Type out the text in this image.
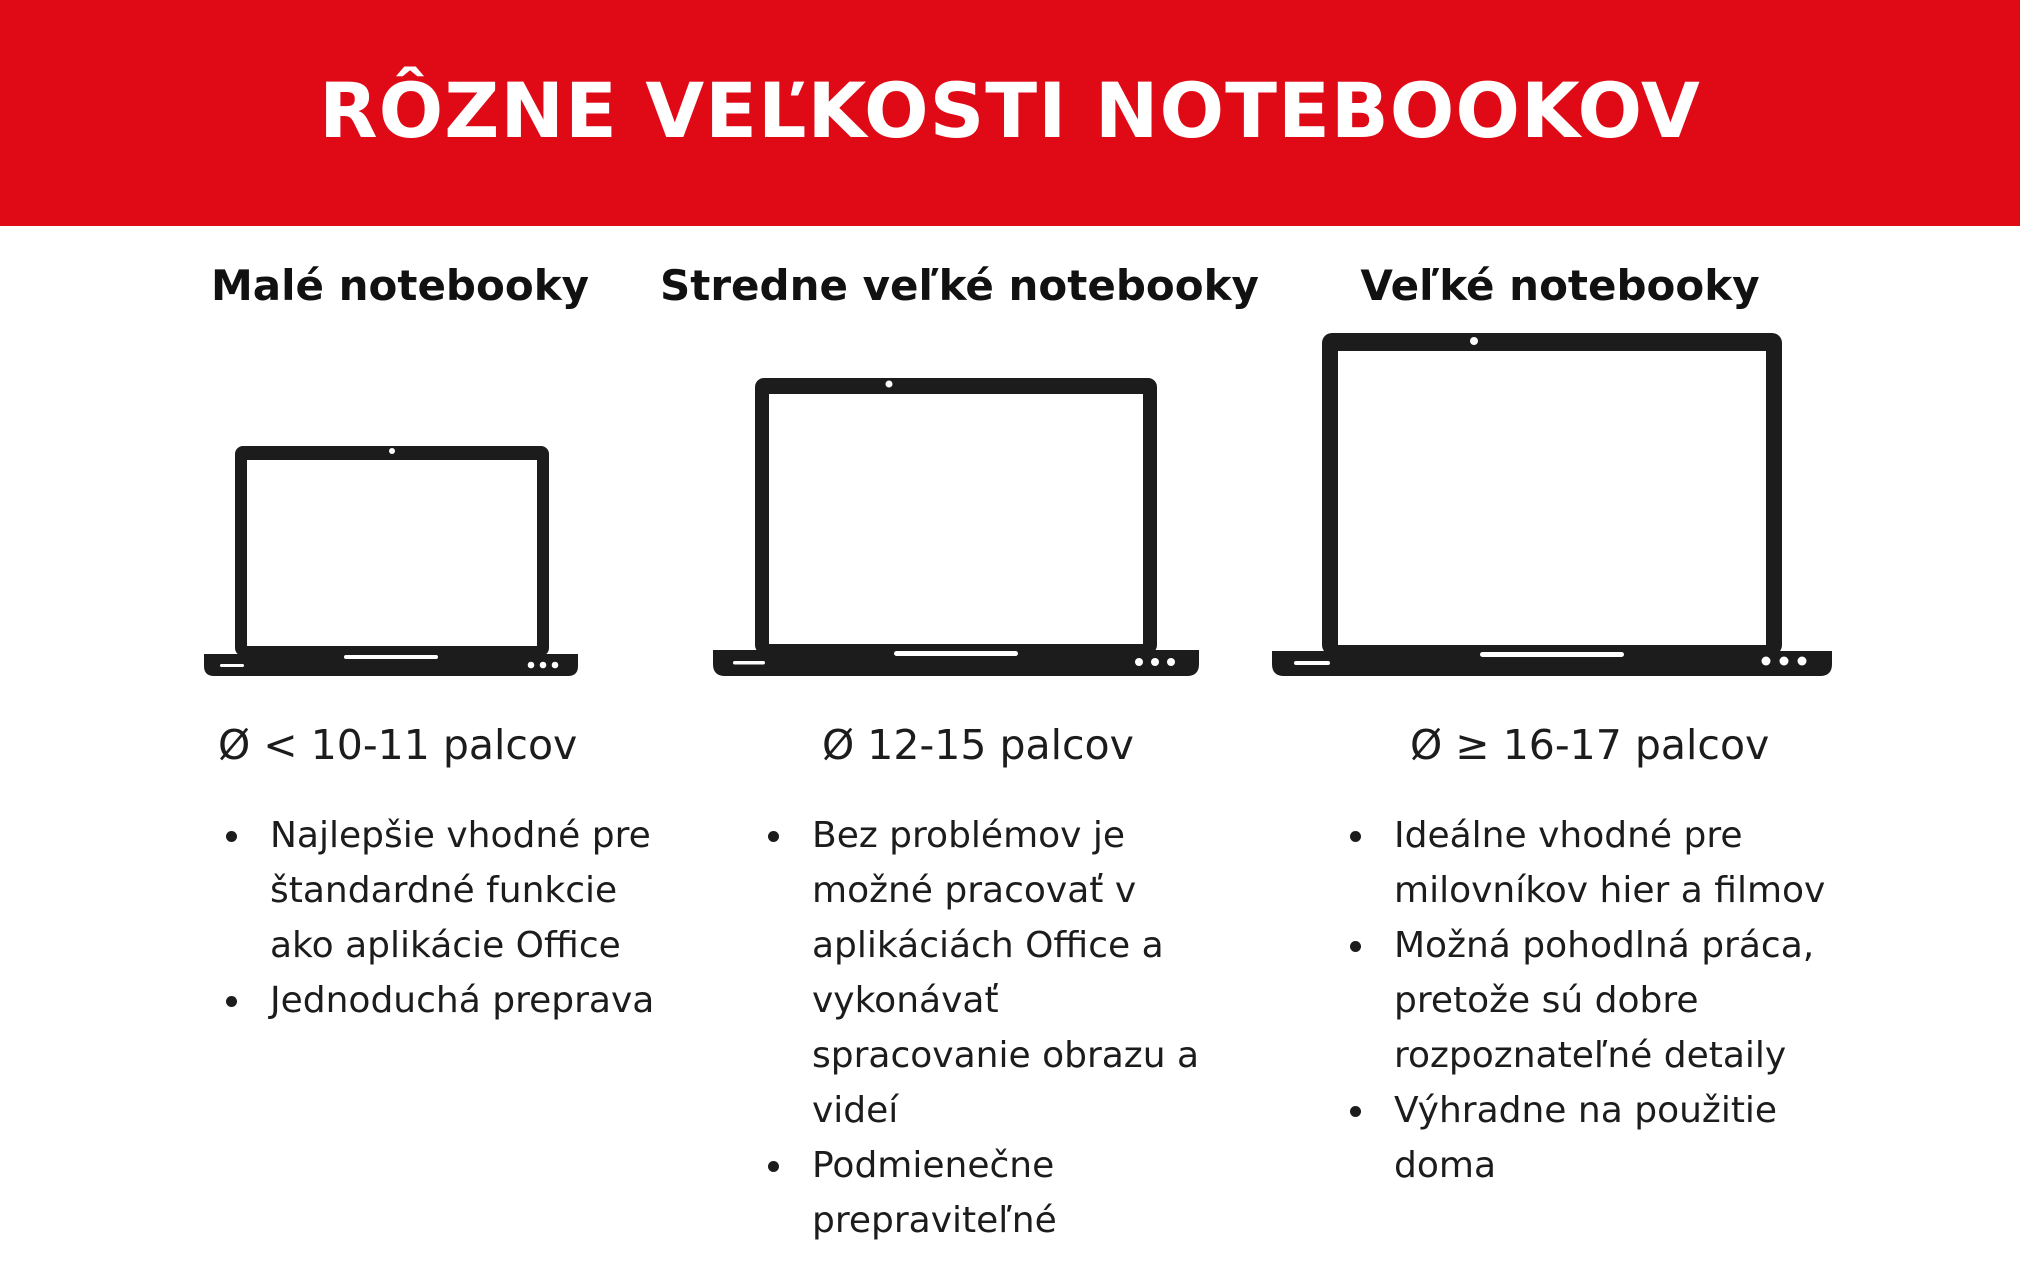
RÔZNE VEĽKOSTI NOTEBOOKOV
Malé notebooky
Ø < 10-11 palcov
Najlepšie vhodné pre štandardné funkcie ako aplikácie Office
Jednoduchá preprava
Stredne veľké notebooky
Ø 12-15 palcov
Bez problémov je možné pracovať v aplikáciách Office a vykonávať spracovanie obrazu a videí
Podmienečne prepraviteľné
Veľké notebooky
Ø ≥ 16-17 palcov
Ideálne vhodné pre milovníkov hier a filmov
Možná pohodlná práca, pretože sú dobre rozpoznateľné detaily
Výhradne na použitie doma
